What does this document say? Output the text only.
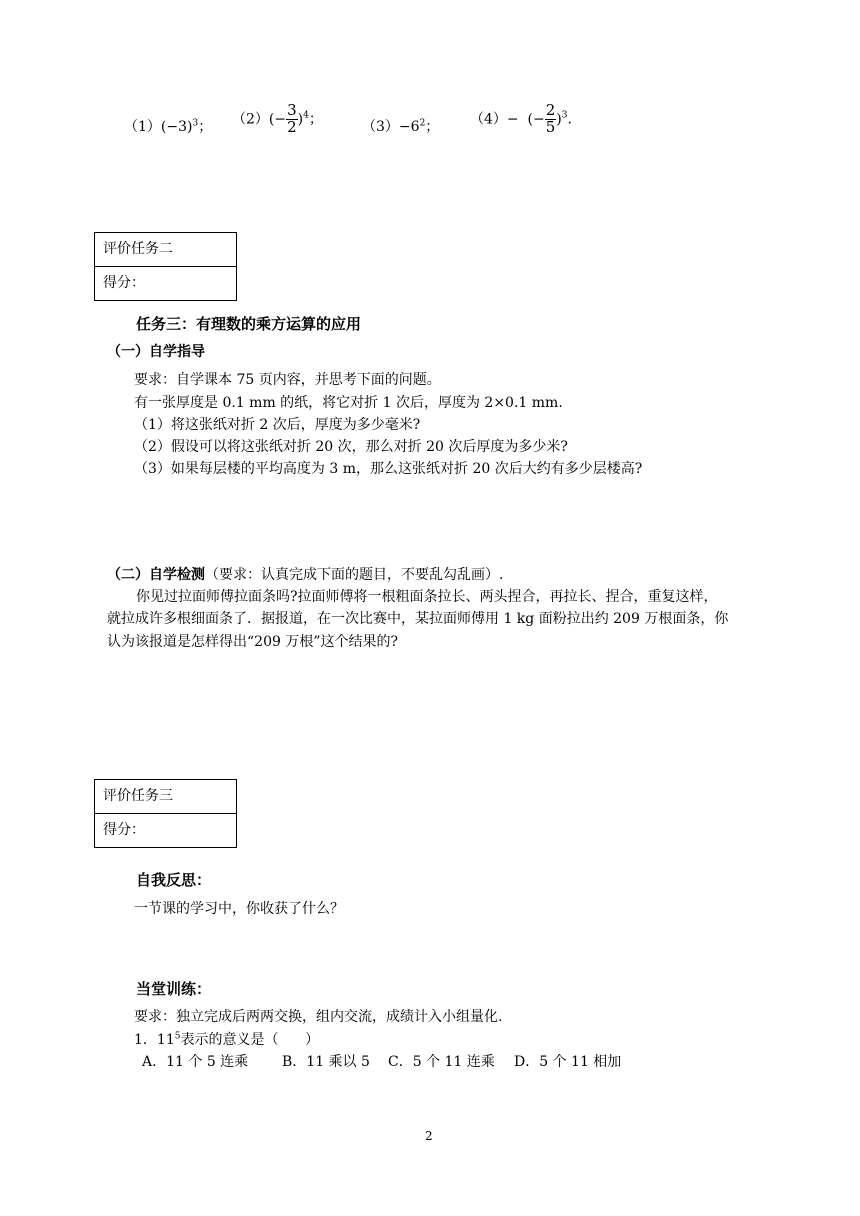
$(1)(-3)^3$； $(2)(- \frac{3}{2} )^4$；	$(3)-6^2$； （4）−  (− $\frac{2}{5} )^3$.
评价任务二
得分：
任务三：有理数的乘方运算的应用
（一）自学指导
要求：自学课本 75 页内容，并思考下面的问题。
有一张厚度是 0.1 mm 的纸，将它对折 1 次后，厚度为 2×0.1 mm.
（1）将这张纸对折 2 次后，厚度为多少毫米?
（2）假设可以将这张纸对折 20 次，那么对折 20 次后厚度为多少米?
（3）如果每层楼的平均高度为 3 m，那么这张纸对折 20 次后大约有多少层楼高?
（二）自学检测（要求：认真完成下面的题目，不要乱勾乱画）.
你见过拉面师傅拉面条吗?拉面师傅将一根粗面条拉长、两头捏合，再拉长、捏合，重复这样，
就拉成许多根细面条了．据报道，在一次比赛中，某拉面师傅用 1 kg 面粉拉出约 209 万根面条，你
认为该报道是怎样得出“209 万根”这个结果的?
评价任务三
得分：
自我反思：
一节课的学习中，你收获了什么？
当堂训练：
要求：独立完成后两两交换，组内交流，成绩计入小组量化.
1．$11^5$表示的意义是（      ）
A．11 个 5 连乘 B．11 乘以 5 C．5 个 11 连乘 D．5 个 11 相加
2
